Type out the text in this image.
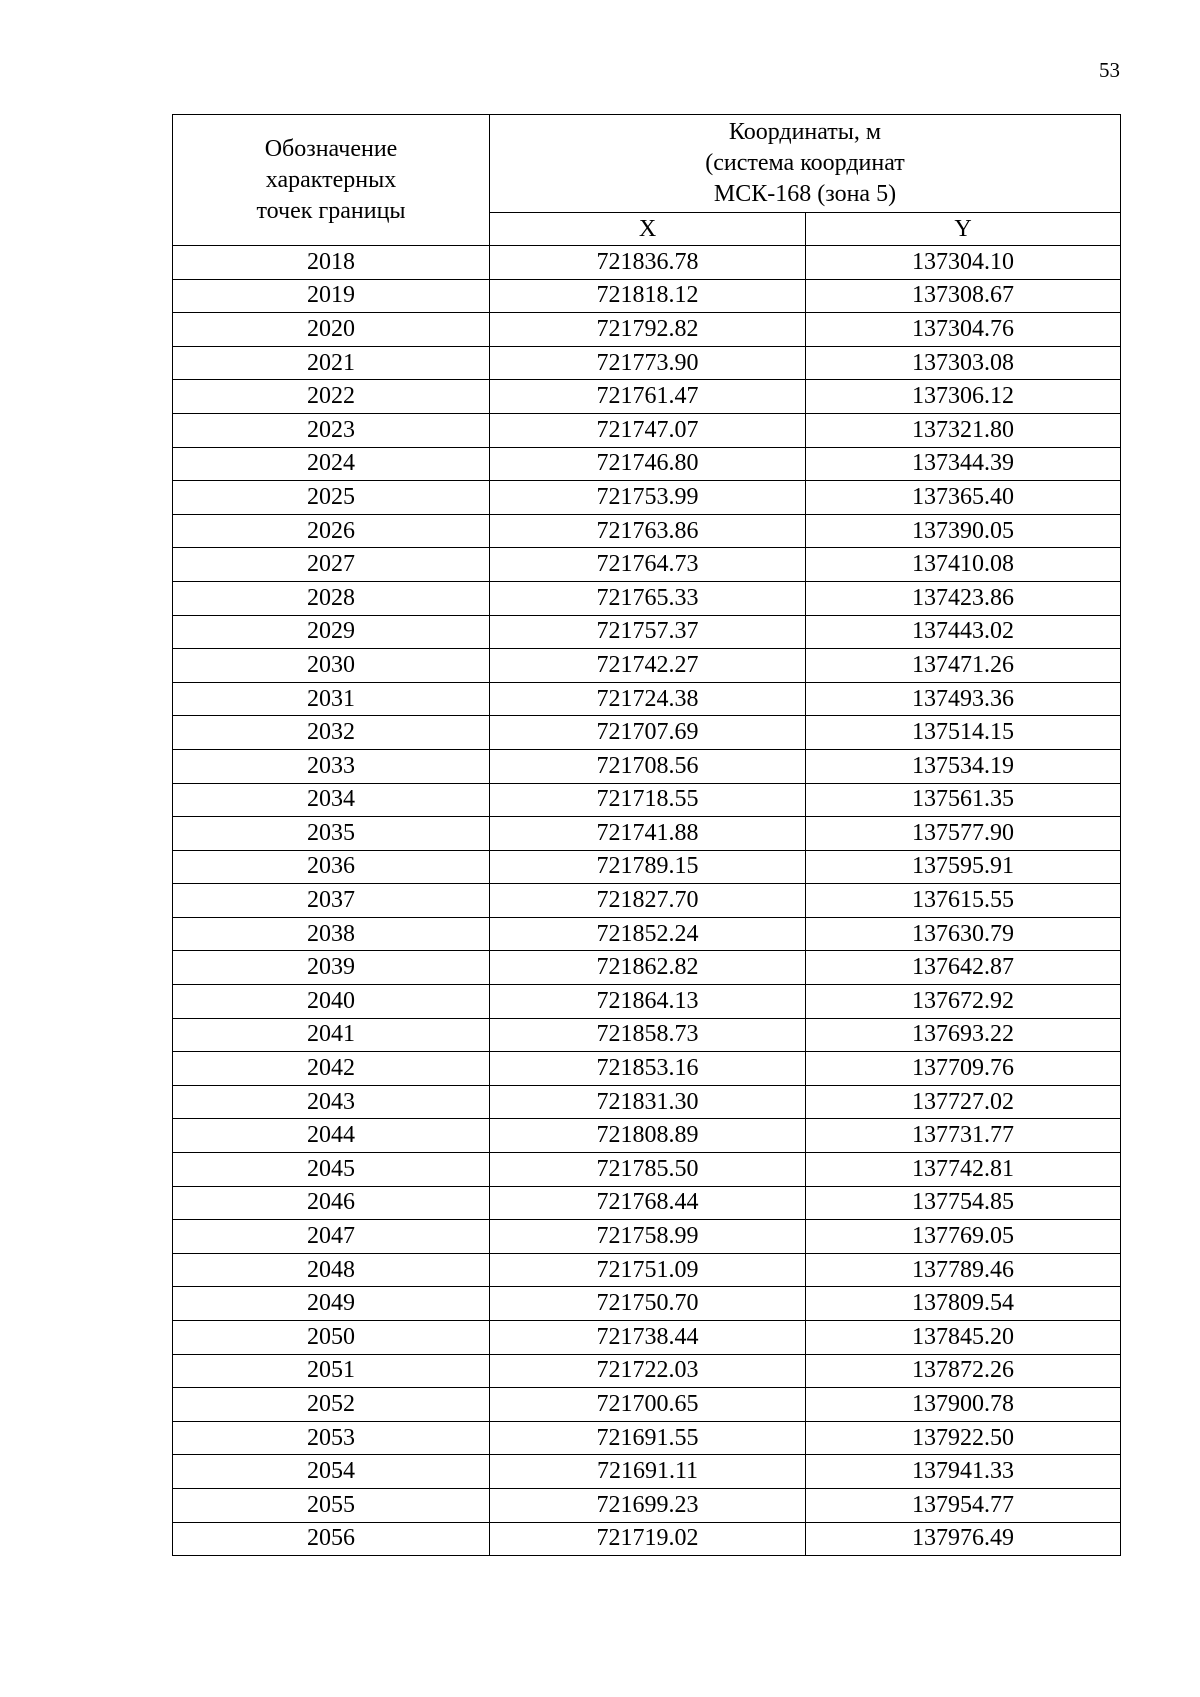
53
Обозначение
характерных
точек границы	Координаты, м
(система координат
МСК-168 (зона 5)	

	X	Y
2018	721836.78	137304.10
2019	721818.12	137308.67
2020	721792.82	137304.76
2021	721773.90	137303.08
2022	721761.47	137306.12
2023	721747.07	137321.80
2024	721746.80	137344.39
2025	721753.99	137365.40
2026	721763.86	137390.05
2027	721764.73	137410.08
2028	721765.33	137423.86
2029	721757.37	137443.02
2030	721742.27	137471.26
2031	721724.38	137493.36
2032	721707.69	137514.15
2033	721708.56	137534.19
2034	721718.55	137561.35
2035	721741.88	137577.90
2036	721789.15	137595.91
2037	721827.70	137615.55
2038	721852.24	137630.79
2039	721862.82	137642.87
2040	721864.13	137672.92
2041	721858.73	137693.22
2042	721853.16	137709.76
2043	721831.30	137727.02
2044	721808.89	137731.77
2045	721785.50	137742.81
2046	721768.44	137754.85
2047	721758.99	137769.05
2048	721751.09	137789.46
2049	721750.70	137809.54
2050	721738.44	137845.20
2051	721722.03	137872.26
2052	721700.65	137900.78
2053	721691.55	137922.50
2054	721691.11	137941.33
2055	721699.23	137954.77
2056	721719.02	137976.49
